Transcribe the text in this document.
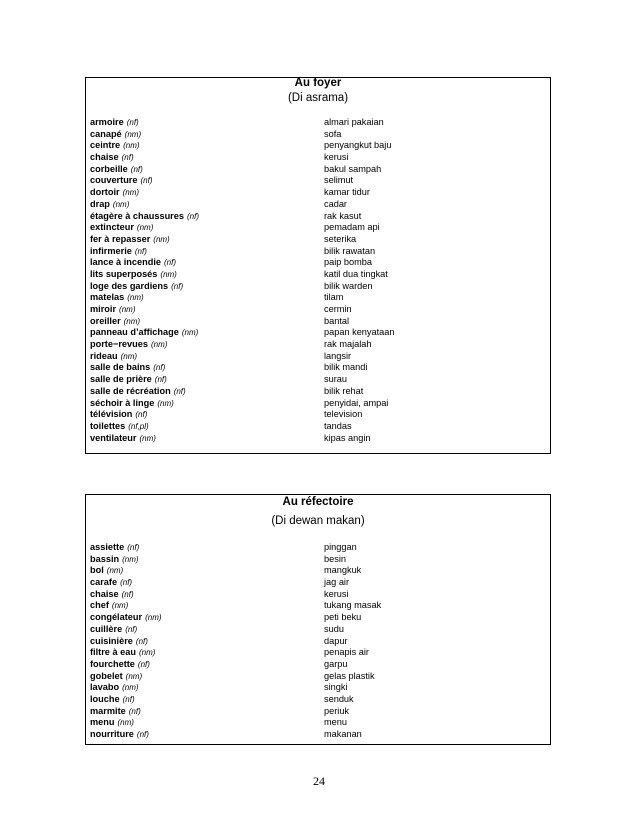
Au foyer
(Di asrama)
armoire (nf)	almari pakaian
canapé (nm)	sofa
ceintre (nm)	penyangkut baju
chaise (nf)	kerusi
corbeille (nf)	bakul sampah
couverture (nf)	selimut
dortoir (nm)	kamar tidur
drap (nm)	cadar
étagère à chaussures (nf)	rak kasut
extincteur (nm)	pemadam api
fer à repasser (nm)	seterika
infirmerie (nf)	bilik rawatan
lance à incendie (nf)	paip bomba
lits superposés (nm)	katil dua tingkat
loge des gardiens (nf)	bilik warden
matelas (nm)	tilam
miroir (nm)	cermin
oreiller (nm)	bantal
panneau d’affichage (nm)	papan kenyataan
porte−revues (nm)	rak majalah
rideau (nm)	langsir
salle de bains (nf)	bilik mandi
salle de prière (nf)	surau
salle de récréation (nf)	bilik rehat
séchoir à linge (nm)	penyidai, ampai
télévision (nf)	television
toilettes (nf,pl)	tandas
ventilateur (nm)	kipas angin
Au réfectoire
(Di dewan makan)
assiette (nf)	pinggan
bassin (nm)	besin
bol (nm)	mangkuk
carafe (nf)	jag air
chaise (nf)	kerusi
chef (nm)	tukang masak
congélateur (nm)	peti beku
cuillère (nf)	sudu
cuisinière (nf)	dapur
filtre à eau (nm)	penapis air
fourchette (nf)	garpu
gobelet (nm)	gelas plastik
lavabo (nm)	singki
louche (nf)	senduk
marmite (nf)	periuk
menu (nm)	menu
nourriture (nf)	makanan
24
